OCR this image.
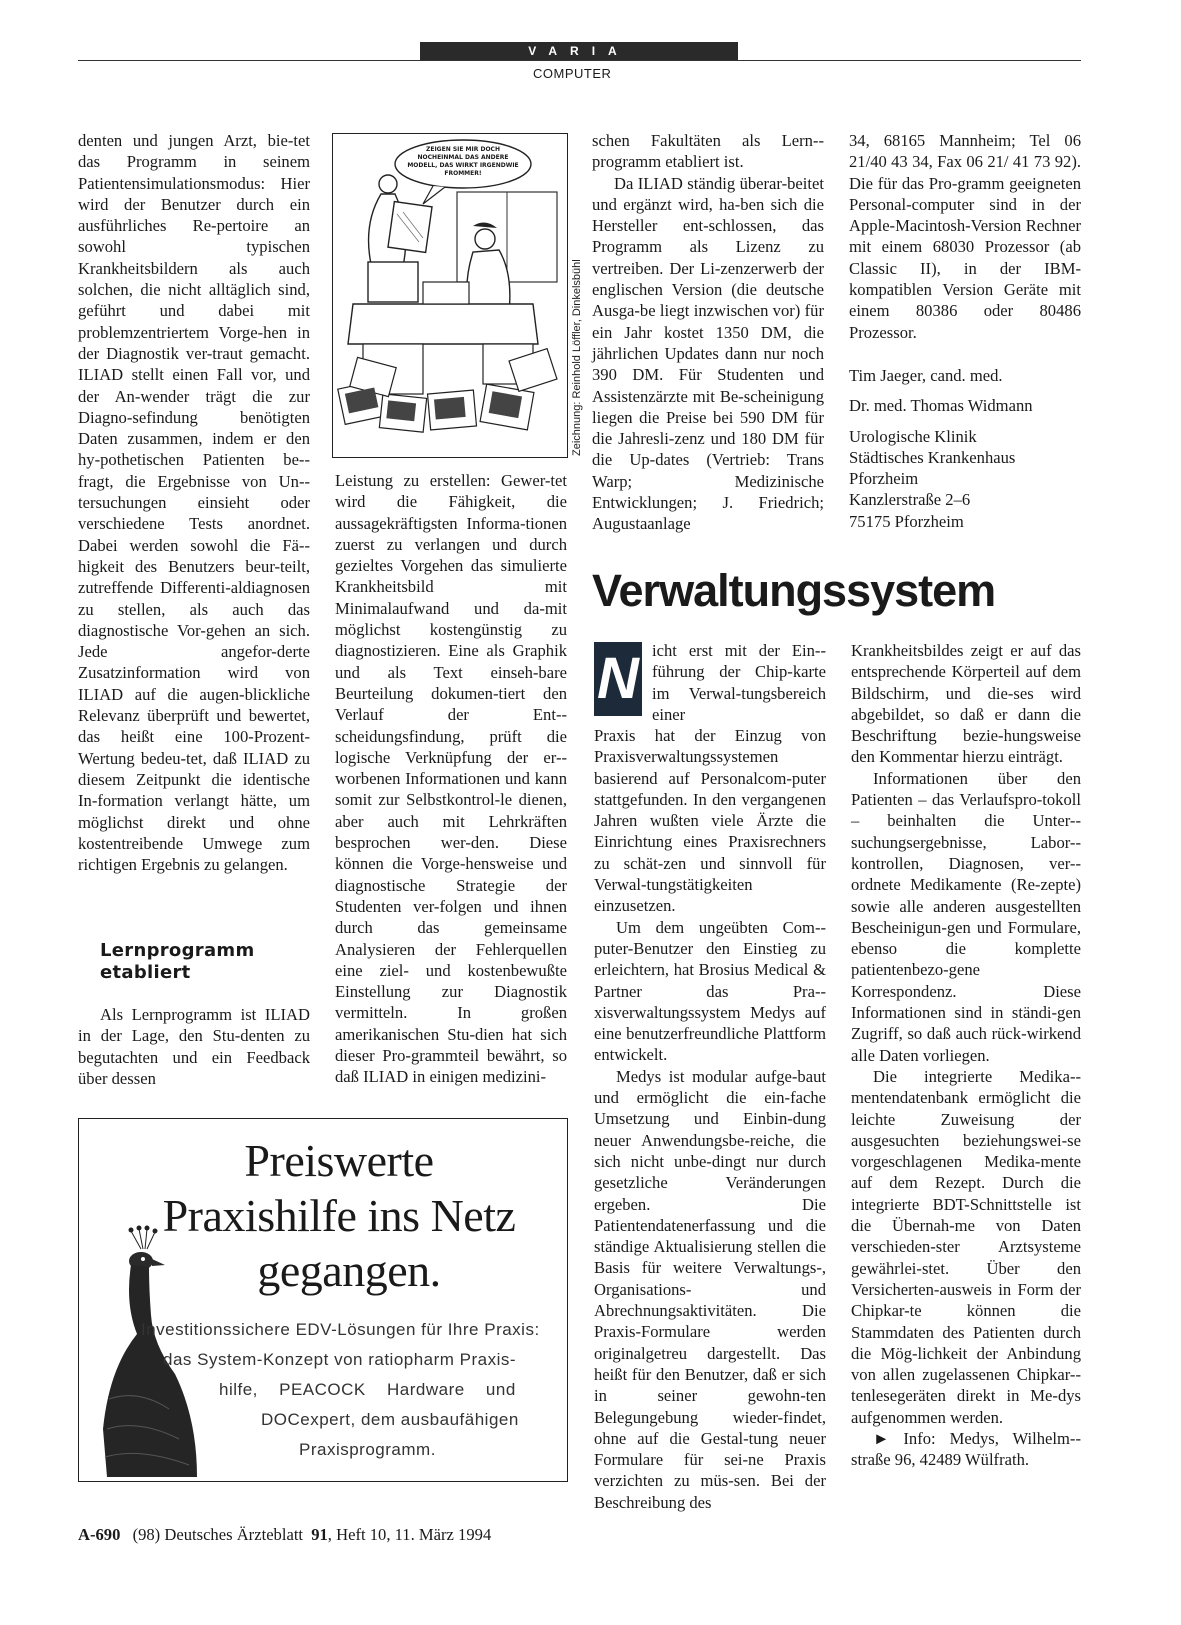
VARIA
COMPUTER

denten und jungen Arzt, bie-tet das Programm in seinem Patientensimulationsmodus: Hier wird der Benutzer durch ein ausführliches Re-pertoire an sowohl typischen Krankheitsbildern als auch solchen, die nicht alltäglich sind, geführt und dabei mit problemzentriertem Vorge-hen in der Diagnostik ver-traut gemacht. ILIAD stellt einen Fall vor, und der An-wender trägt die zur Diagno-sefindung benötigten Daten zusammen, indem er den hy-pothetischen Patienten be-fragt, die Ergebnisse von Un-tersuchungen einsieht oder verschiedene Tests anordnet. Dabei werden sowohl die Fä-higkeit des Benutzers beur-teilt, zutreffende Differenti-aldiagnosen zu stellen, als auch das diagnostische Vor-gehen an sich. Jede angefor-derte Zusatzinformation wird von ILIAD auf die augen-blickliche Relevanz überprüft und bewertet, das heißt eine 100-Prozent-Wertung bedeu-tet, daß ILIAD zu diesem Zeitpunkt die identische In-formation verlangt hätte, um möglichst direkt und ohne kostentreibende Umwege zum richtigen Ergebnis zu gelangen.

Lernprogramm etabliert

Als Lernprogramm ist ILIAD in der Lage, den Stu-denten zu begutachten und ein Feedback über dessen

ZEIGEN SIE MIR DOCH NOCHEINMAL DAS ANDERE MODELL, DAS WIRKT IRGENDWIE FROMMER!
Zeichnung: Reinhold Löffler, Dinkelsbühl

Leistung zu erstellen: Gewer-tet wird die Fähigkeit, die aussagekräftigsten Informa-tionen zuerst zu verlangen und durch gezieltes Vorgehen das simulierte Krankheitsbild mit Minimalaufwand und da-mit möglichst kostengünstig zu diagnostizieren. Eine als Graphik und als Text einseh-bare Beurteilung dokumen-tiert den Verlauf der Ent-scheidungsfindung, prüft die logische Verknüpfung der er-worbenen Informationen und kann somit zur Selbstkontrol-le dienen, aber auch mit Lehrkräften besprochen wer-den. Diese können die Vorge-hensweise und diagnostische Strategie der Studenten ver-folgen und ihnen durch das gemeinsame Analysieren der Fehlerquellen eine ziel- und kostenbewußte Einstellung zur Diagnostik vermitteln. In großen amerikanischen Stu-dien hat sich dieser Pro-grammteil bewährt, so daß ILIAD in einigen medizini-

schen Fakultäten als Lern-programm etabliert ist.

Da ILIAD ständig überar-beitet und ergänzt wird, ha-ben sich die Hersteller ent-schlossen, das Programm als Lizenz zu vertreiben. Der Li-zenzerwerb der englischen Version (die deutsche Ausga-be liegt inzwischen vor) für ein Jahr kostet 1350 DM, die jährlichen Updates dann nur noch 390 DM. Für Studenten und Assistenzärzte mit Be-scheinigung liegen die Preise bei 590 DM für die Jahresli-zenz und 180 DM für die Up-dates (Vertrieb: Trans Warp; Medizinische Entwicklungen; J. Friedrich; Augustaanlage

34, 68165 Mannheim; Tel 06 21/40 43 34, Fax 06 21/ 41 73 92). Die für das Pro-gramm geeigneten Personal-computer sind in der Apple-Macintosh-Version Rechner mit einem 68030 Prozessor (ab Classic II), in der IBM-kompatiblen Version Geräte mit einem 80386 oder 80486 Prozessor.

Tim Jaeger, cand. med.

Dr. med. Thomas Widmann

Urologische Klinik

Städtisches Krankenhaus

Pforzheim

Kanzlerstraße 2–6

75175 Pforzheim

Verwaltungssystem
N icht erst mit der Ein-führung der Chip-karte im Verwal-tungsbereich einer

Praxis hat der Einzug von Praxisverwaltungssystemen basierend auf Personalcom-puter stattgefunden. In den vergangenen Jahren wußten viele Ärzte die Einrichtung eines Praxisrechners zu schät-zen und sinnvoll für Verwal-tungstätigkeiten einzusetzen.

Um dem ungeübten Com-puter-Benutzer den Einstieg zu erleichtern, hat Brosius Medical & Partner das Pra-xisverwaltungssystem Medys auf eine benutzerfreundliche Plattform entwickelt.

Medys ist modular aufge-baut und ermöglicht die ein-fache Umsetzung und Einbin-dung neuer Anwendungsbe-reiche, die sich nicht unbe-dingt nur durch gesetzliche Veränderungen ergeben. Die Patientendatenerfassung und die ständige Aktualisierung stellen die Basis für weitere Verwaltungs-, Organisations- und Abrechnungsaktivitäten. Die Praxis-Formulare werden originalgetreu dargestellt. Das heißt für den Benutzer, daß er sich in seiner gewohn-ten Belegungebung wieder-findet, ohne auf die Gestal-tung neuer Formulare für sei-ne Praxis verzichten zu müs-sen. Bei der Beschreibung des

Krankheitsbildes zeigt er auf das entsprechende Körperteil auf dem Bildschirm, und die-ses wird abgebildet, so daß er dann die Beschriftung bezie-hungsweise den Kommentar hierzu einträgt.

Informationen über den Patienten – das Verlaufspro-tokoll – beinhalten die Unter-suchungsergebnisse, Labor-kontrollen, Diagnosen, ver-ordnete Medikamente (Re-zepte) sowie alle anderen ausgestellten Bescheinigun-gen und Formulare, ebenso die komplette patientenbezo-gene Korrespondenz. Diese Informationen sind in ständi-gen Zugriff, so daß auch rück-wirkend alle Daten vorliegen.

Die integrierte Medika-mentendatenbank ermöglicht die leichte Zuweisung der ausgesuchten beziehungswei-se vorgeschlagenen Medika-mente auf dem Rezept. Durch die integrierte BDT-Schnittstelle ist die Übernah-me von Daten verschieden-ster Arztsysteme gewährlei-stet. Über den Versicherten-ausweis in Form der Chipkar-te können die Stammdaten des Patienten durch die Mög-lichkeit der Anbindung von allen zugelassenen Chipkar-tenlesegeräten direkt in Me-dys aufgenommen werden.

► Info: Medys, Wilhelm-straße 96, 42489 Wülfrath.

Preiswerte
Praxishilfe ins Netz
gegangen.
Investitionssichere EDV-Lösungen für Ihre Praxis:
das System-Konzept von ratiopharm Praxis-
hilfe, PEACOCK Hardware und
DOCexpert, dem ausbaufähigen
Praxisprogramm.
A-690 (98) Deutsches Ärzteblatt 91, Heft 10, 11. März 1994
